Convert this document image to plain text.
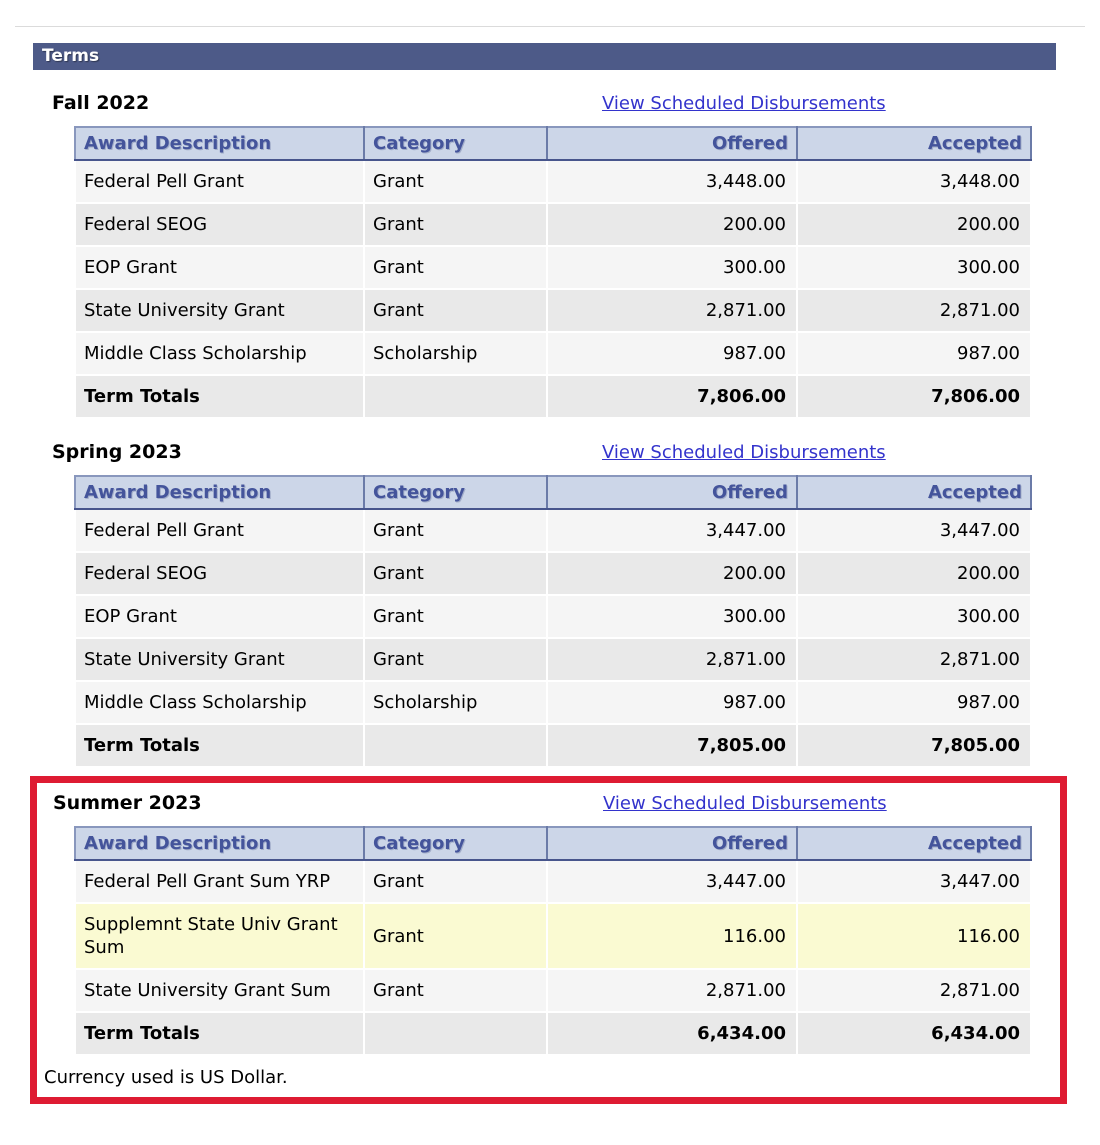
Terms
Fall 2022	View Scheduled Disbursements
Award Description	Category	Offered	Accepted
Federal Pell Grant	Grant	3,448.00	3,448.00
Federal SEOG	Grant	200.00	200.00
EOP Grant	Grant	300.00	300.00
State University Grant	Grant	2,871.00	2,871.00
Middle Class Scholarship	Scholarship	987.00	987.00
Term Totals		7,806.00	7,806.00
Spring 2023	View Scheduled Disbursements
Award Description	Category	Offered	Accepted
Federal Pell Grant	Grant	3,447.00	3,447.00
Federal SEOG	Grant	200.00	200.00
EOP Grant	Grant	300.00	300.00
State University Grant	Grant	2,871.00	2,871.00
Middle Class Scholarship	Scholarship	987.00	987.00
Term Totals		7,805.00	7,805.00
Summer 2023	View Scheduled Disbursements
Award Description	Category	Offered	Accepted
Federal Pell Grant Sum YRP	Grant	3,447.00	3,447.00
Supplemnt State Univ Grant Sum	Grant	116.00	116.00
State University Grant Sum	Grant	2,871.00	2,871.00
Term Totals		6,434.00	6,434.00
Currency used is US Dollar.
